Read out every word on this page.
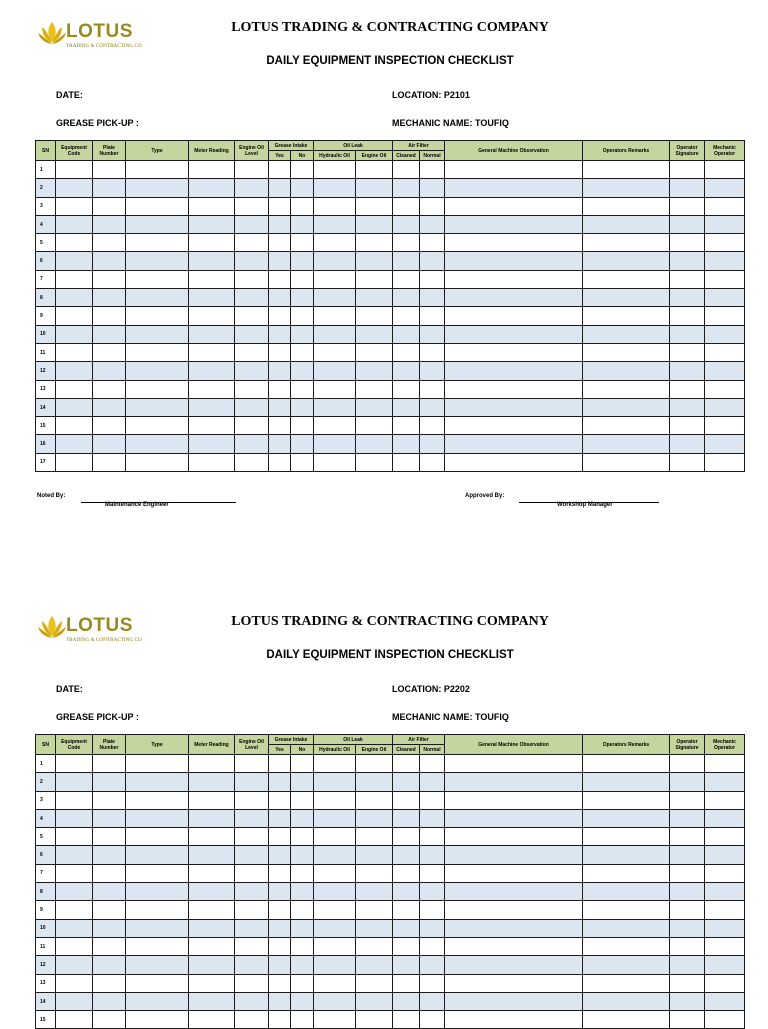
LOTUS
TRADING & CONTRACTING CO
LOTUS TRADING & CONTRACTING COMPANY
DAILY EQUIPMENT INSPECTION CHECKLIST
DATE:	LOCATION: P2101
GREASE PICK-UP :	MECHANIC NAME: TOUFIQ
SN	Equipment Code	Plate Number	Type	Meter Reading	Engine Oil Level	Grease Intake		Oil Leak		Air Filter		General Machine Observation	Operators Remarks	Operator Signature	Mechanic Operator
						Yes	No	Hydraulic Oil	Engine Oil	Cleaned	Normal				
1															
2															
3															
4															
5															
6															
7															
8															
9															
10															
11															
12															
13															
14															
15															
16															
17															
Noted By:
Maintenance Engineer
Approved By:
Workshop Manager
LOTUS
TRADING & CONTRACTING CO
LOTUS TRADING & CONTRACTING COMPANY
DAILY EQUIPMENT INSPECTION CHECKLIST
DATE:	LOCATION: P2202
GREASE PICK-UP :	MECHANIC NAME: TOUFIQ
SN	Equipment Code	Plate Number	Type	Meter Reading	Engine Oil Level	Grease Intake		Oil Leak		Air Filter		General Machine Observation	Operators Remarks	Operator Signature	Mechanic Operator
						Yes	No	Hydraulic Oil	Engine Oil	Cleaned	Normal				
1															
2															
3															
4															
5															
6															
7															
8															
9															
10															
11															
12															
13															
14															
15															
